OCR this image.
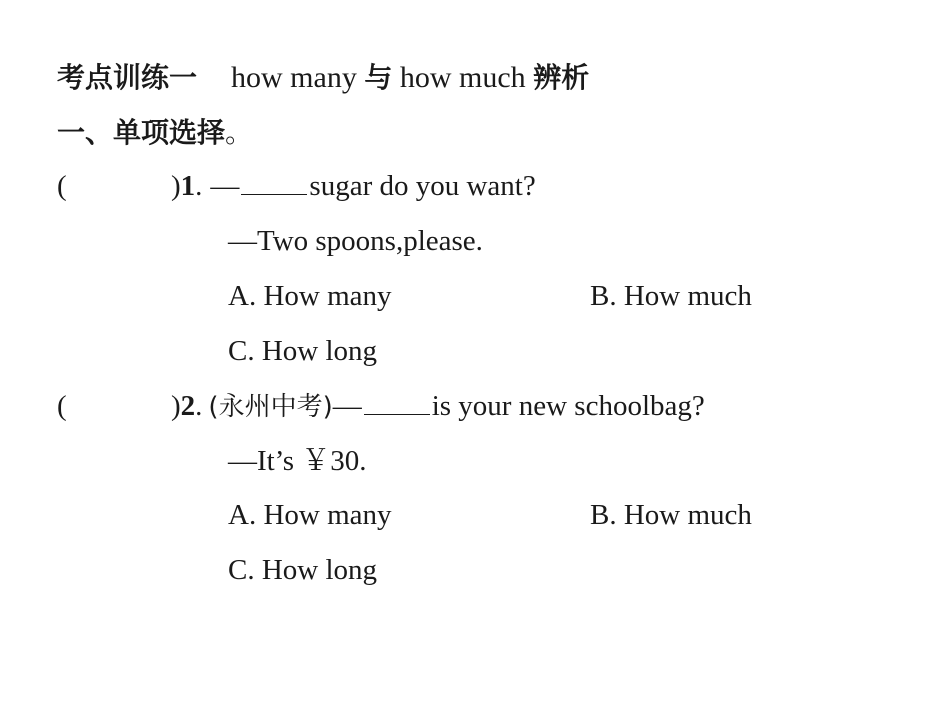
考点训练一 how many 与 how much 辨析
一、单项选择。
(	)1. — sugar do you want?
—Two spoons,please.
A. How many	B. How much
C. How long
(	)2. (永州中考)— is your new schoolbag?
—It’s ￥30.
A. How many	B. How much
C. How long
